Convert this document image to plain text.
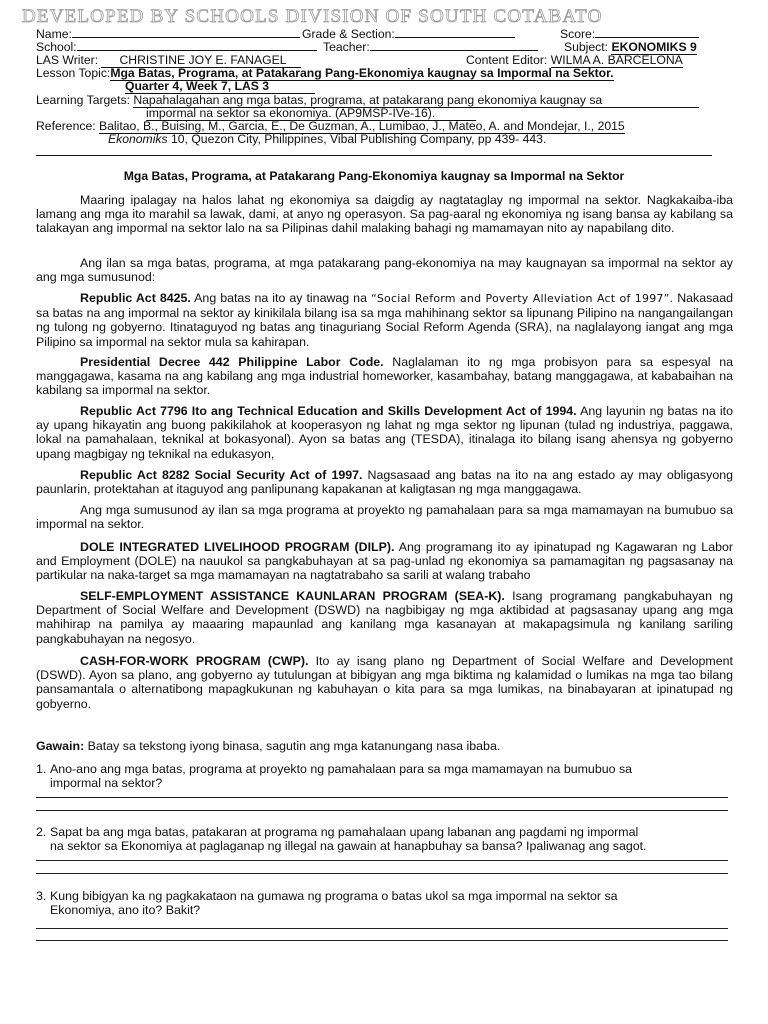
DEVELOPED BY SCHOOLS DIVISION OF SOUTH COTABATO
Name:	Grade & Section:	Score:
School:	Teacher:	Subject: EKONOMIKS 9
LAS Writer: CHRISTINE JOY E. FANAGEL	Content Editor: WILMA A. BARCELONA
Lesson Topic:Mga Batas, Programa, at Patakarang Pang-Ekonomiya kaugnay sa Impormal na Sektor.
Quarter 4, Week 7, LAS 3
Learning Targets: Napahalagahan ang mga batas, programa, at patakarang pang ekonomiya kaugnay sa
impormal na sektor sa ekonomiya. (AP9MSP-IVe-16).
Reference: Balitao, B., Buising, M., Garcia, E., De Guzman, A., Lumibao, J., Mateo, A. and Mondejar, I., 2015
Ekonomiks 10, Quezon City, Philippines, Vibal Publishing Company, pp 439- 443.
Mga Batas, Programa, at Patakarang Pang-Ekonomiya kaugnay sa Impormal na Sektor
Maaring ipalagay na halos lahat ng ekonomiya sa daigdig ay nagtataglay ng impormal na sektor. Nagkakaiba-iba lamang ang mga ito marahil sa lawak, dami, at anyo ng operasyon. Sa pag-aaral ng ekonomiya ng isang bansa ay kabilang sa talakayan ang impormal na sektor lalo na sa Pilipinas dahil malaking bahagi ng mamamayan nito ay napabilang dito.
Ang ilan sa mga batas, programa, at mga patakarang pang-ekonomiya na may kaugnayan sa impormal na sektor ay ang mga sumusunod:
Republic Act 8425. Ang batas na ito ay tinawag na “Social Reform and Poverty Alleviation Act of 1997”. Nakasaad sa batas na ang impormal na sektor ay kinikilala bilang isa sa mga mahihinang sektor sa lipunang Pilipino na nangangailangan ng tulong ng gobyerno. Itinataguyod ng batas ang tinaguriang Social Reform Agenda (SRA), na naglalayong iangat ang mga Pilipino sa impormal na sektor mula sa kahirapan.
Presidential Decree 442 Philippine Labor Code. Naglalaman ito ng mga probisyon para sa espesyal na manggagawa, kasama na ang kabilang ang mga industrial homeworker, kasambahay, batang manggagawa, at kababaihan na kabilang sa impormal na sektor.
Republic Act 7796 Ito ang Technical Education and Skills Development Act of 1994. Ang layunin ng batas na ito ay upang hikayatin ang buong pakikilahok at kooperasyon ng lahat ng mga sektor ng lipunan (tulad ng industriya, paggawa, lokal na pamahalaan, teknikal at bokasyonal). Ayon sa batas ang (TESDA), itinalaga ito bilang isang ahensya ng gobyerno upang magbigay ng teknikal na edukasyon,
Republic Act 8282 Social Security Act of 1997. Nagsasaad ang batas na ito na ang estado ay may obligasyong paunlarin, protektahan at itaguyod ang panlipunang kapakanan at kaligtasan ng mga manggagawa.
Ang mga sumusunod ay ilan sa mga programa at proyekto ng pamahalaan para sa mga mamamayan na bumubuo sa impormal na sektor.
DOLE INTEGRATED LIVELIHOOD PROGRAM (DILP). Ang programang ito ay ipinatupad ng Kagawaran ng Labor and Employment (DOLE) na nauukol sa pangkabuhayan at sa pag-unlad ng ekonomiya sa pamamagitan ng pagsasanay na partikular na naka-target sa mga mamamayan na nagtatrabaho sa sarili at walang trabaho
SELF-EMPLOYMENT ASSISTANCE KAUNLARAN PROGRAM (SEA-K). Isang programang pangkabuhayan ng Department of Social Welfare and Development (DSWD) na nagbibigay ng mga aktibidad at pagsasanay upang ang mga mahihirap na pamilya ay maaaring mapaunlad ang kanilang mga kasanayan at makapagsimula ng kanilang sariling pangkabuhayan na negosyo.
CASH-FOR-WORK PROGRAM (CWP). Ito ay isang plano ng Department of Social Welfare and Development (DSWD). Ayon sa plano, ang gobyerno ay tutulungan at bibigyan ang mga biktima ng kalamidad o lumikas na mga tao bilang pansamantala o alternatibong mapagkukunan ng kabuhayan o kita para sa mga lumikas, na binabayaran at ipinatupad ng gobyerno.
Gawain: Batay sa tekstong iyong binasa, sagutin ang mga katanungang nasa ibaba.
1. Ano-ano ang mga batas, programa at proyekto ng pamahalaan para sa mga mamamayan na bumubuo sa
impormal na sektor?
2. Sapat ba ang mga batas, patakaran at programa ng pamahalaan upang labanan ang pagdami ng impormal
na sektor sa Ekonomiya at paglaganap ng illegal na gawain at hanapbuhay sa bansa? Ipaliwanag ang sagot.
3. Kung bibigyan ka ng pagkakataon na gumawa ng programa o batas ukol sa mga impormal na sektor sa
Ekonomiya, ano ito? Bakit?
